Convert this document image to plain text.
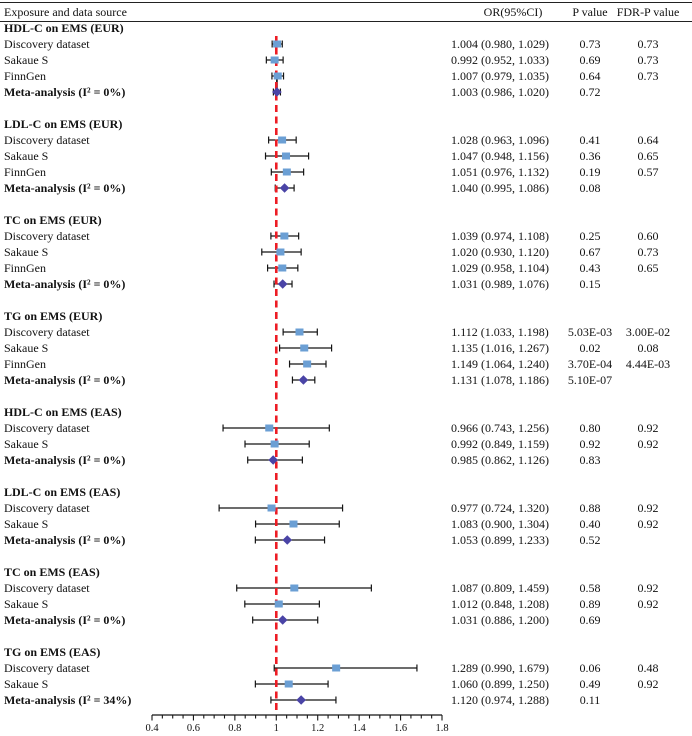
Exposure and data source	OR(95%CI)	P value FDR-P value
0.4	0.6	0.8	1	1.2	1.4	1.6	1.8
HDL-C on EMS (EUR)
Discovery dataset	1.004 (0.980, 1.029)	0.73	0.73
Sakaue S	0.992 (0.952, 1.033)	0.69	0.73
FinnGen	1.007 (0.979, 1.035)	0.64	0.73
Meta-analysis (I² = 0%)	1.003 (0.986, 1.020)	0.72
LDL-C on EMS (EUR)
Discovery dataset	1.028 (0.963, 1.096)	0.41	0.64
Sakaue S	1.047 (0.948, 1.156)	0.36	0.65
FinnGen	1.051 (0.976, 1.132)	0.19	0.57
Meta-analysis (I² = 0%)	1.040 (0.995, 1.086)	0.08
TC on EMS (EUR)
Discovery dataset	1.039 (0.974, 1.108)	0.25	0.60
Sakaue S	1.020 (0.930, 1.120)	0.67	0.73
FinnGen	1.029 (0.958, 1.104)	0.43	0.65
Meta-analysis (I² = 0%)	1.031 (0.989, 1.076)	0.15
TG on EMS (EUR)
Discovery dataset	1.112 (1.033, 1.198)	5.03E-03	3.00E-02
Sakaue S	1.135 (1.016, 1.267)	0.02	0.08
FinnGen	1.149 (1.064, 1.240)	3.70E-04	4.44E-03
Meta-analysis (I² = 0%)	1.131 (1.078, 1.186)	5.10E-07
HDL-C on EMS (EAS)
Discovery dataset	0.966 (0.743, 1.256)	0.80	0.92
Sakaue S	0.992 (0.849, 1.159)	0.92	0.92
Meta-analysis (I² = 0%)	0.985 (0.862, 1.126)	0.83
LDL-C on EMS (EAS)
Discovery dataset	0.977 (0.724, 1.320)	0.88	0.92
Sakaue S	1.083 (0.900, 1.304)	0.40	0.92
Meta-analysis (I² = 0%)	1.053 (0.899, 1.233)	0.52
TC on EMS (EAS)
Discovery dataset	1.087 (0.809, 1.459)	0.58	0.92
Sakaue S	1.012 (0.848, 1.208)	0.89	0.92
Meta-analysis (I² = 0%)	1.031 (0.886, 1.200)	0.69
TG on EMS (EAS)
Discovery dataset	1.289 (0.990, 1.679)	0.06	0.48
Sakaue S	1.060 (0.899, 1.250)	0.49	0.92
Meta-analysis (I² = 34%)	1.120 (0.974, 1.288)	0.11
